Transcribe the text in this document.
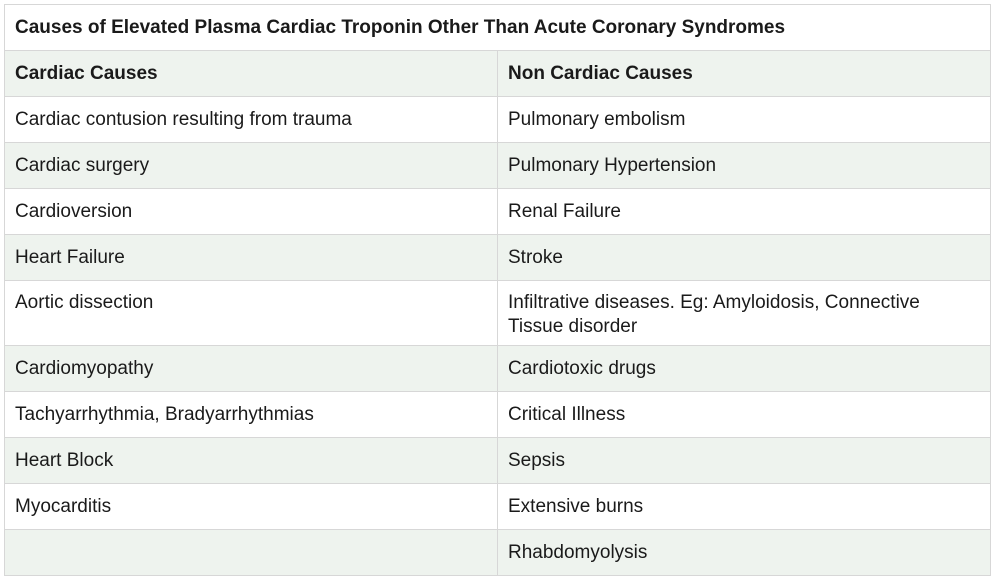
Causes of Elevated Plasma Cardiac Troponin Other Than Acute Coronary Syndromes	
Cardiac Causes	Non Cardiac Causes
Cardiac contusion resulting from trauma	Pulmonary embolism
Cardiac surgery	Pulmonary Hypertension
Cardioversion	Renal Failure
Heart Failure	Stroke
Aortic dissection	Infiltrative diseases. Eg: Amyloidosis, Connective Tissue disorder
Cardiomyopathy	Cardiotoxic drugs
Tachyarrhythmia, Bradyarrhythmias	Critical Illness
Heart Block	Sepsis
Myocarditis	Extensive burns
	Rhabdomyolysis
